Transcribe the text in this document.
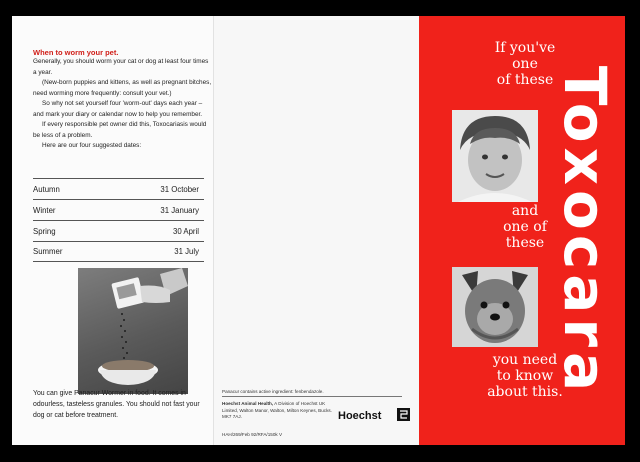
When to worm your pet.

Generally, you should worm your cat or dog at least four times a year.

(New-born puppies and kittens, as well as pregnant bitches, need worming more frequently: consult your vet.)

So why not set yourself four 'worm-out' days each year – and mark your diary or calendar now to help you remember.

If every responsible pet owner did this, Toxocariasis would be less of a problem.

Here are our four suggested dates:

Autumn	31 October
Winter	31 January
Spring	30 April
Summer	31 July
You can give Panacur Wormer in food. It comes in odourless, tasteless granules. You should not fast your dog or cat before treatment.
Panacur contains active ingredient: fenbendazole.
Hoechst Animal Health, A Division of Hoechst UK Limited, Walton Manor, Walton, Milton Keynes, Bucks. MK7 7AJ.	Hoechst
HAH/269/Feb 92/RFA/150k V
If you've
one
of these
and
one of
these
you need
to know
about this.
Toxocara
